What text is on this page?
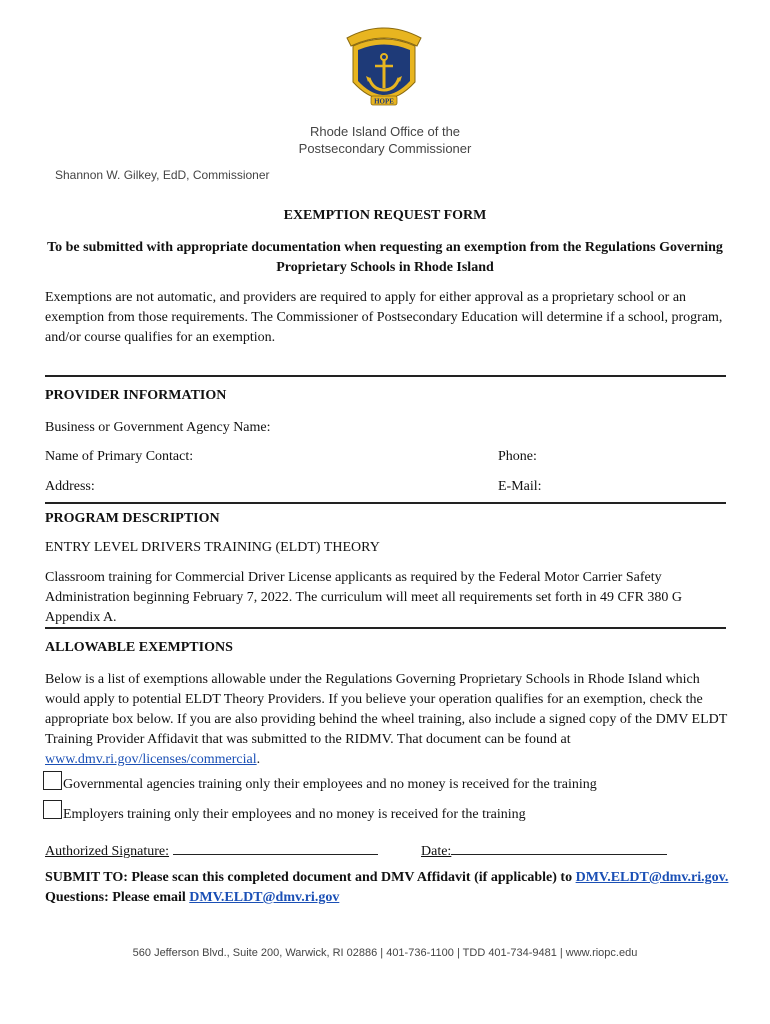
HOPE
Rhode Island Office of the
Postsecondary Commissioner
Shannon W. Gilkey, EdD, Commissioner
EXEMPTION REQUEST FORM
To be submitted with appropriate documentation when requesting an exemption from the Regulations Governing Proprietary Schools in Rhode Island
Exemptions are not automatic, and providers are required to apply for either approval as a proprietary school or an exemption from those requirements. The Commissioner of Postsecondary Education will determine if a school, program, and/or course qualifies for an exemption.
PROVIDER INFORMATION
Business or Government Agency Name:
Name of Primary Contact:	Phone:
Address:	E-Mail:
PROGRAM DESCRIPTION
ENTRY LEVEL DRIVERS TRAINING (ELDT) THEORY
Classroom training for Commercial Driver License applicants as required by the Federal Motor Carrier Safety Administration beginning February 7, 2022. The curriculum will meet all requirements set forth in 49 CFR 380 G Appendix A.
ALLOWABLE EXEMPTIONS
Below is a list of exemptions allowable under the Regulations Governing Proprietary Schools in Rhode Island which would apply to potential ELDT Theory Providers. If you believe your operation qualifies for an exemption, check the appropriate box below. If you are also providing behind the wheel training, also include a signed copy of the DMV ELDT Training Provider Affidavit that was submitted to the RIDMV. That document can be found at www.dmv.ri.gov/licenses/commercial.
Governmental agencies training only their employees and no money is received for the training
Employers training only their employees and no money is received for the training
Authorized Signature:	Date:
SUBMIT TO: Please scan this completed document and DMV Affidavit (if applicable) to DMV.ELDT@dmv.ri.gov. Questions: Please email DMV.ELDT@dmv.ri.gov
560 Jefferson Blvd., Suite 200, Warwick, RI 02886 | 401-736-1100 | TDD 401-734-9481 | www.riopc.edu
